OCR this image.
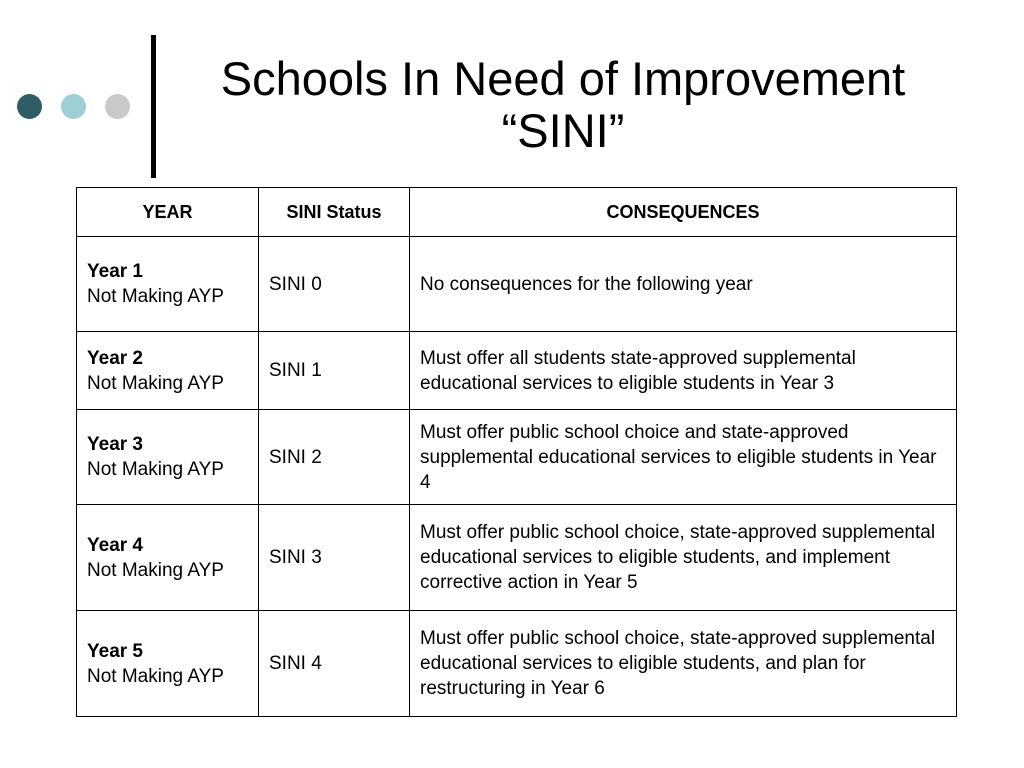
Schools In Need of Improvement
“SINI”
YEAR	SINI Status	CONSEQUENCES

Year 1
Not Making AYP	SINI 0	No consequences for the following year

Year 2
Not Making AYP	SINI 1	Must offer all students state-approved supplemental educational services to eligible students in Year 3

Year 3
Not Making AYP	SINI 2	Must offer public school choice and state-approved supplemental educational services to eligible students in Year 4

Year 4
Not Making AYP	SINI 3	Must offer public school choice, state-approved supplemental educational services to eligible students, and implement corrective action in Year 5

Year 5
Not Making AYP	SINI 4	Must offer public school choice, state-approved supplemental educational services to eligible students, and plan for restructuring in Year 6
